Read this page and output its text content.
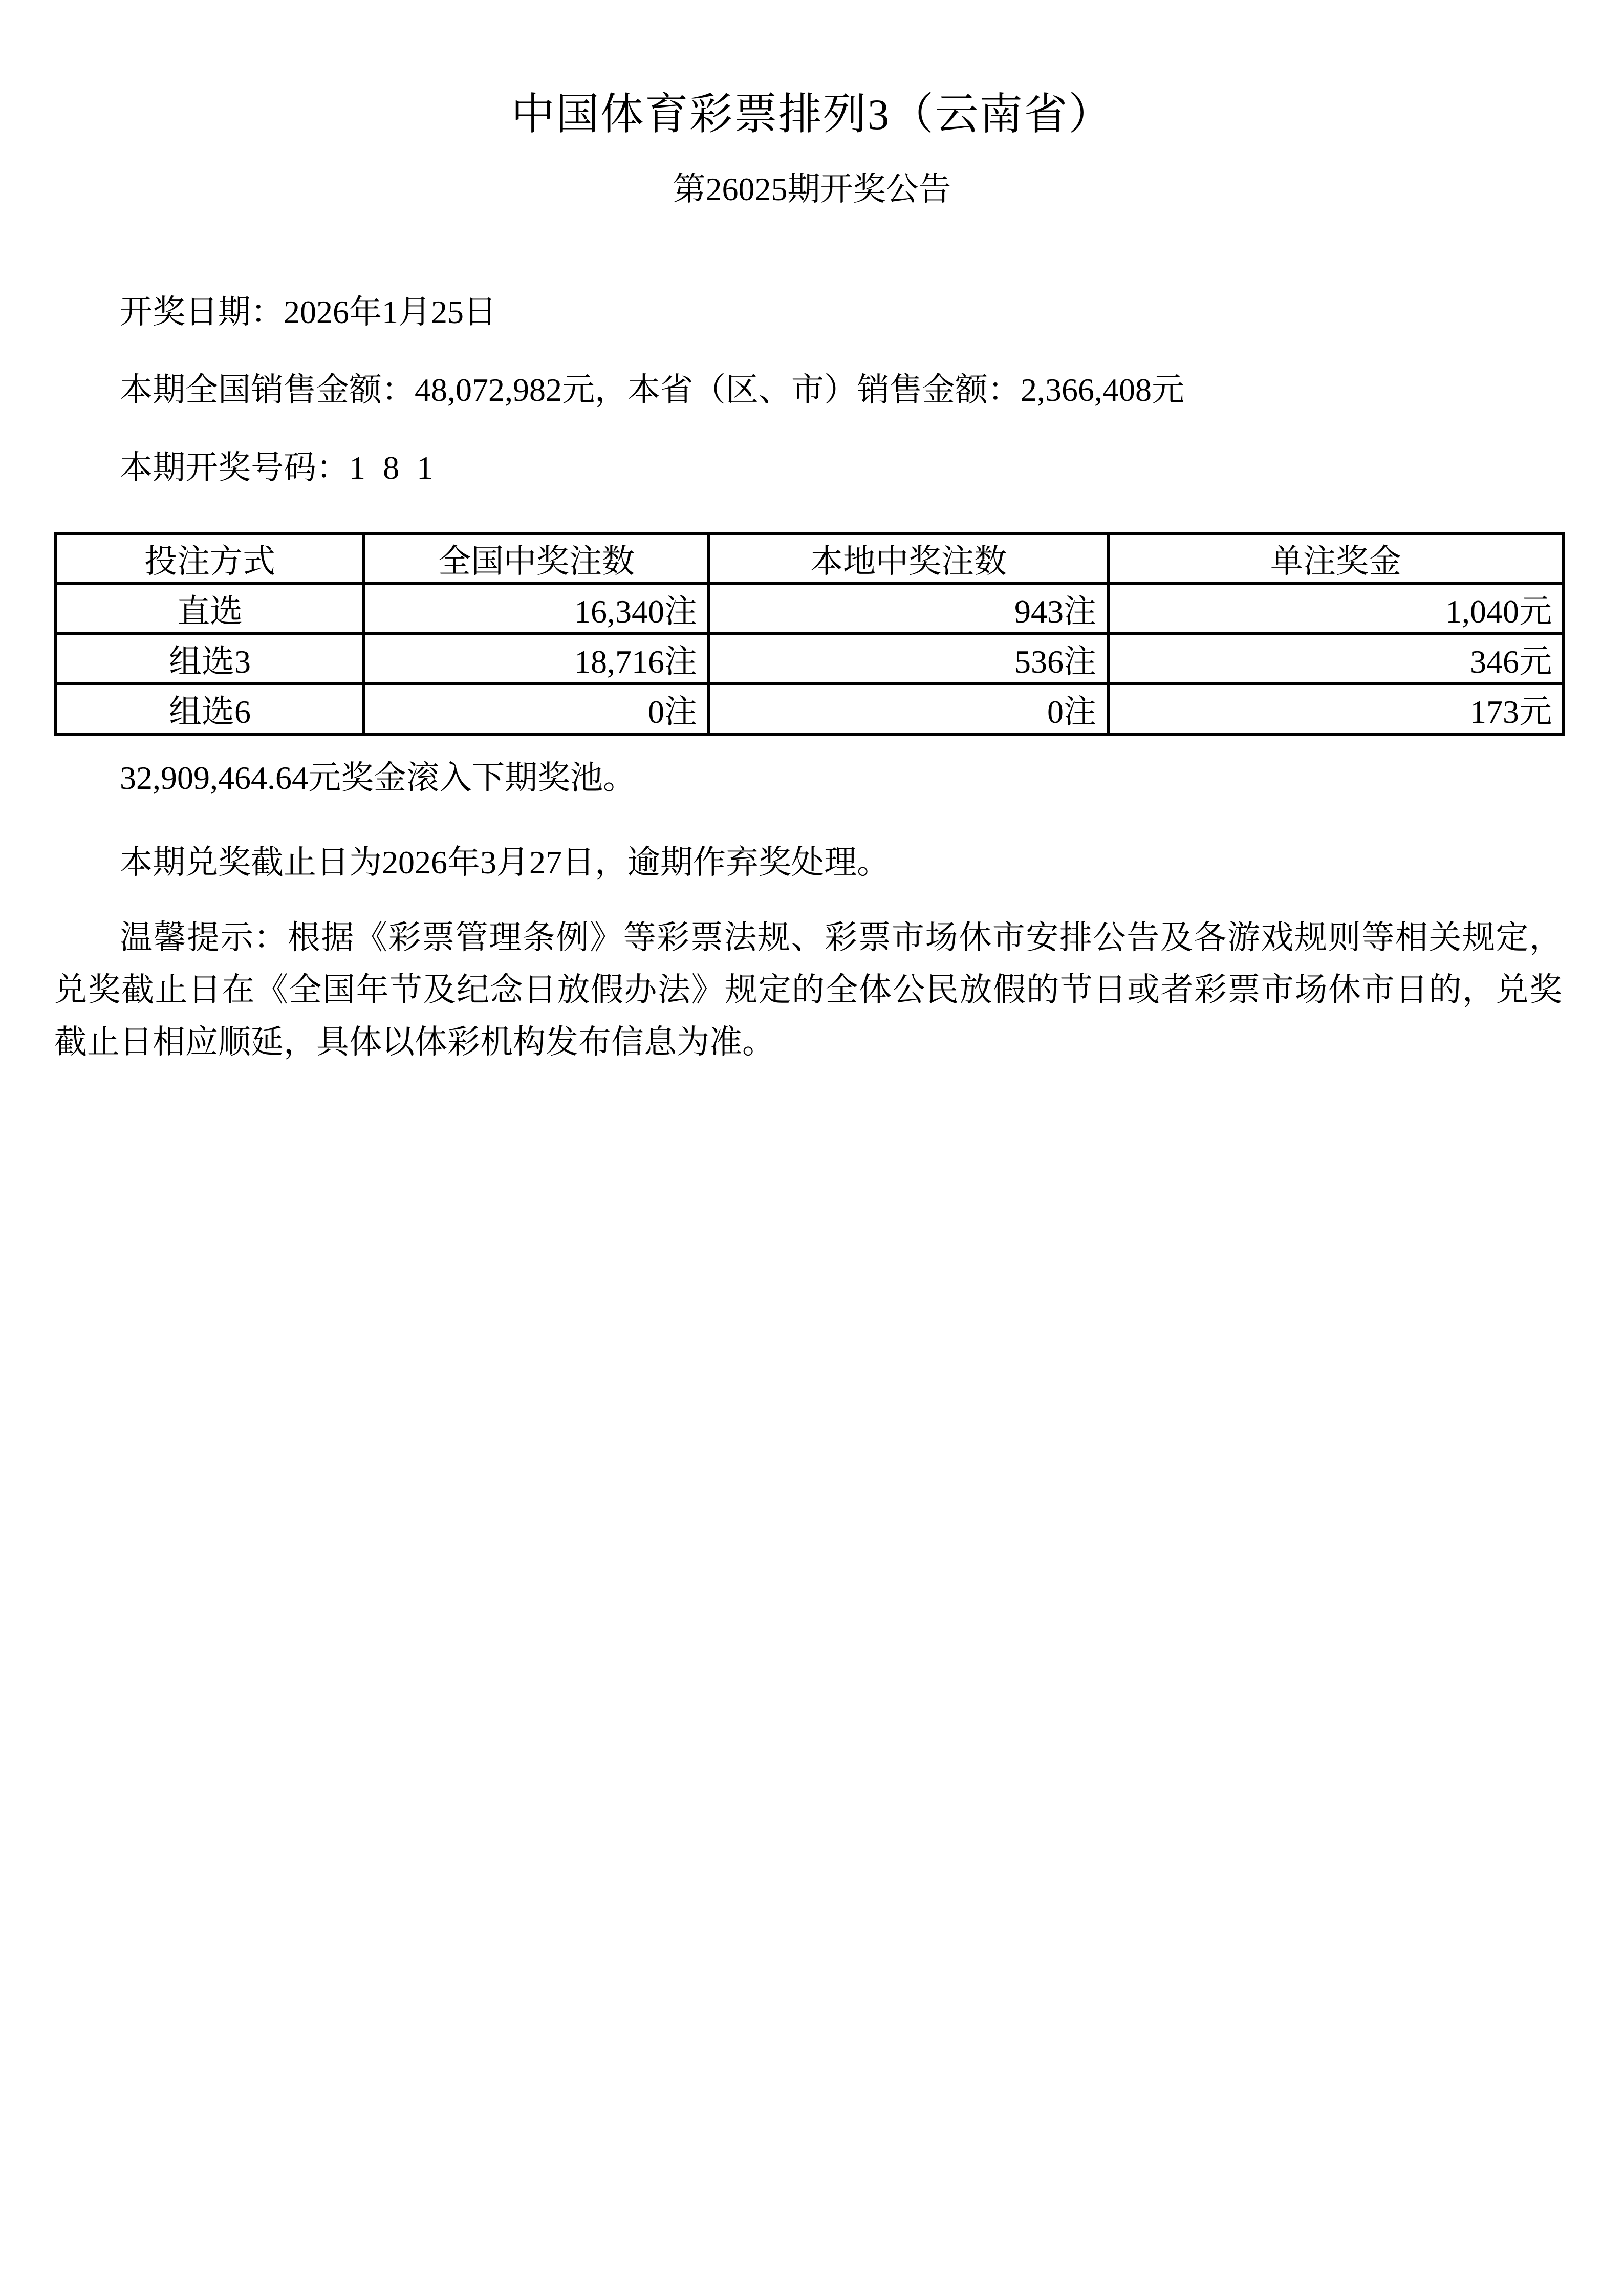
中国体育彩票排列3（云南省）
第26025期开奖公告

开奖日期：2026年1月25日

本期全国销售金额：48,072,982元，本省（区、市）销售金额：2,366,408元

本期开奖号码：1 8 1

投注方式	全国中奖注数	本地中奖注数	单注奖金
直选	16,340注	943注	1,040元
组选3	18,716注	536注	346元
组选6	0注	0注	173元

32,909,464.64元奖金滚入下期奖池。

本期兑奖截止日为2026年3月27日，逾期作弃奖处理。

温馨提示：根据《彩票管理条例》等彩票法规、彩票市场休市安排公告及各游戏规则等相关规定，
兑奖截止日在《全国年节及纪念日放假办法》规定的全体公民放假的节日或者彩票市场休市日的，兑奖
截止日相应顺延，具体以体彩机构发布信息为准。
